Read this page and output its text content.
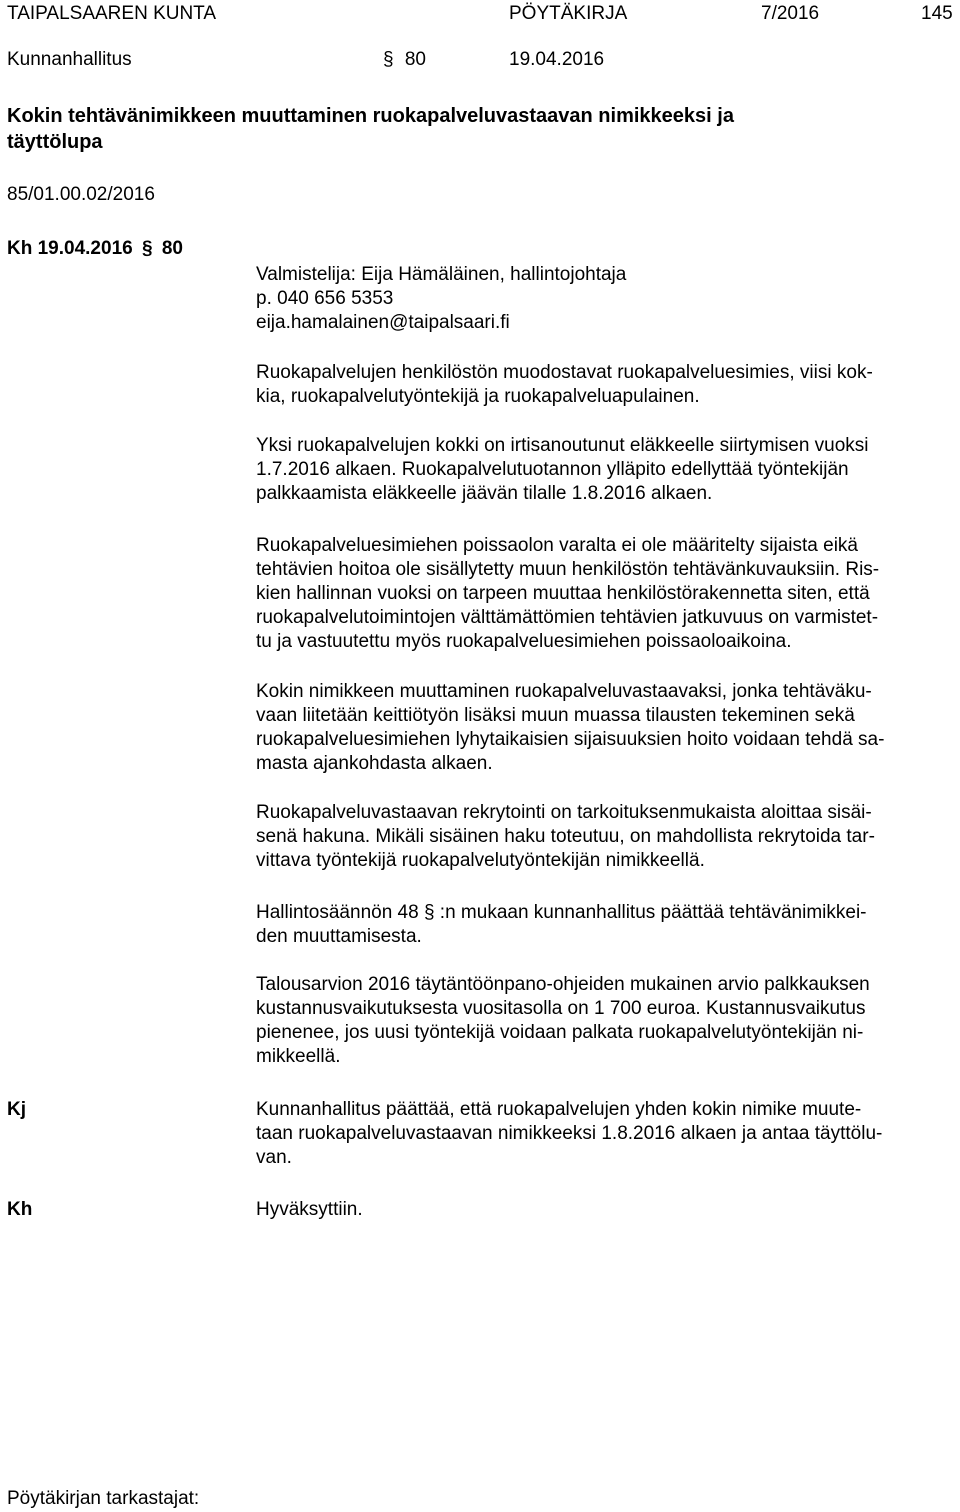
TAIPALSAAREN KUNTA	PÖYTÄKIRJA	7/2016	145
Kunnanhallitus	§ 80	19.04.2016
Kokin tehtävänimikkeen muuttaminen ruokapalveluvastaavan nimikkeeksi ja
täyttölupa
85/01.00.02/2016
Kh 19.04.2016 § 80
Valmistelija: Eija Hämäläinen, hallintojohtaja
p. 040 656 5353
eija.hamalainen@taipalsaari.fi
Ruokapalvelujen henkilöstön muodostavat ruokapalveluesimies, viisi kok-
kia, ruokapalvelutyöntekijä ja ruokapalveluapulainen.
Yksi ruokapalvelujen kokki on irtisanoutunut eläkkeelle siirtymisen vuoksi
1.7.2016 alkaen. Ruokapalvelutuotannon ylläpito edellyttää työntekijän
palkkaamista eläkkeelle jäävän tilalle 1.8.2016 alkaen.
Ruokapalveluesimiehen poissaolon varalta ei ole määritelty sijaista eikä
tehtävien hoitoa ole sisällytetty muun henkilöstön tehtävänkuvauksiin. Ris-
kien hallinnan vuoksi on tarpeen muuttaa henkilöstörakennetta siten, että
ruokapalvelutoimintojen välttämättömien tehtävien jatkuvuus on varmistet-
tu ja vastuutettu myös ruokapalveluesimiehen poissaoloaikoina.
Kokin nimikkeen muuttaminen ruokapalveluvastaavaksi, jonka tehtäväku-
vaan liitetään keittiötyön lisäksi muun muassa tilausten tekeminen sekä
ruokapalveluesimiehen lyhytaikaisien sijaisuuksien hoito voidaan tehdä sa-
masta ajankohdasta alkaen.
Ruokapalveluvastaavan rekrytointi on tarkoituksenmukaista aloittaa sisäi-
senä hakuna. Mikäli sisäinen haku toteutuu, on mahdollista rekrytoida tar-
vittava työntekijä ruokapalvelutyöntekijän nimikkeellä.
Hallintosäännön 48 § :n mukaan kunnanhallitus päättää tehtävänimikkei-
den muuttamisesta.
Talousarvion 2016 täytäntöönpano-ohjeiden mukainen arvio palkkauksen
kustannusvaikutuksesta vuositasolla on 1 700 euroa. Kustannusvaikutus
pienenee, jos uusi työntekijä voidaan palkata ruokapalvelutyöntekijän ni-
mikkeellä.
Kj	Kunnanhallitus päättää, että ruokapalvelujen yhden kokin nimike muute-
taan ruokapalveluvastaavan nimikkeeksi 1.8.2016 alkaen ja antaa täyttölu-
van.
Kh	Hyväksyttiin.
Pöytäkirjan tarkastajat:
